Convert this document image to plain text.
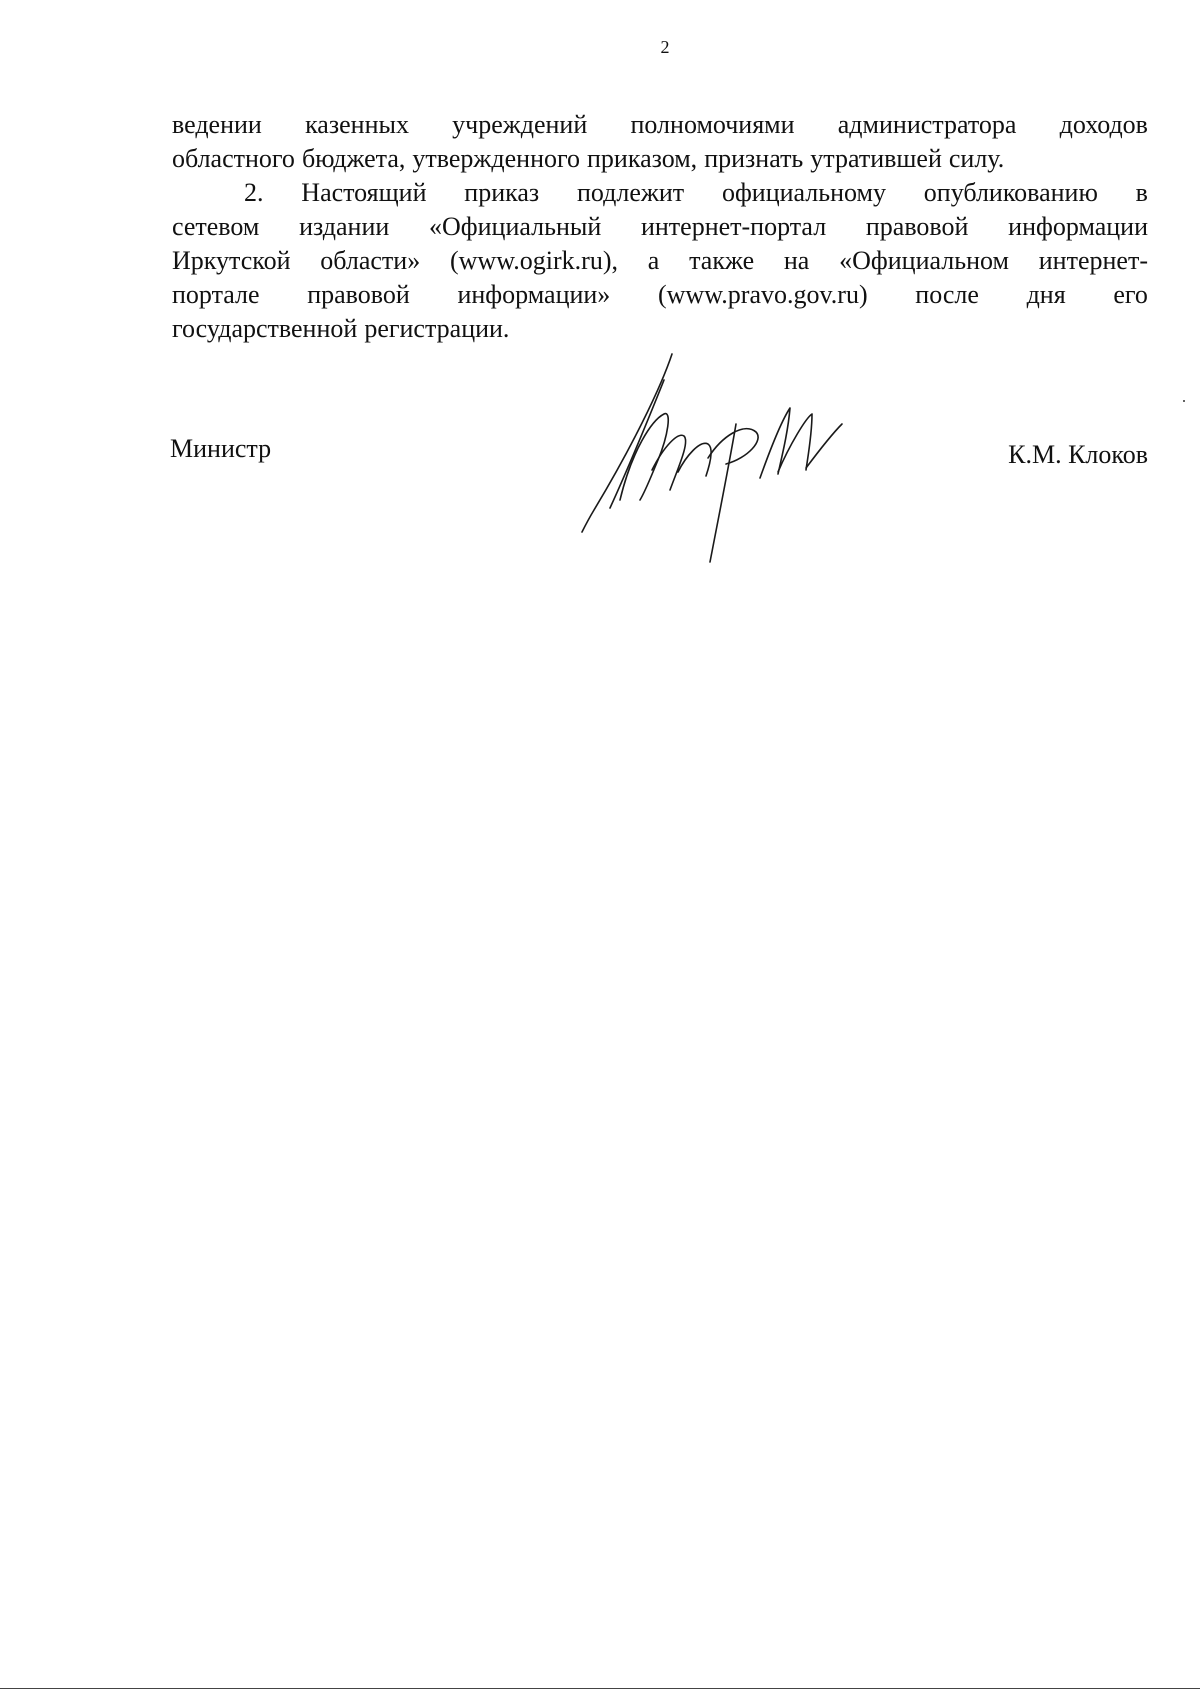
2
ведении казенных учреждений полномочиями администратора доходов
областного бюджета, утвержденного приказом, признать утратившей силу.
2. Настоящий приказ подлежит официальному опубликованию в
сетевом издании «Официальный интернет-портал правовой информации
Иркутской области» (www.ogirk.ru), а также на «Официальном интернет-
портале правовой информации» (www.pravo.gov.ru) после дня его
государственной регистрации.
Министр	К.М. Клоков
